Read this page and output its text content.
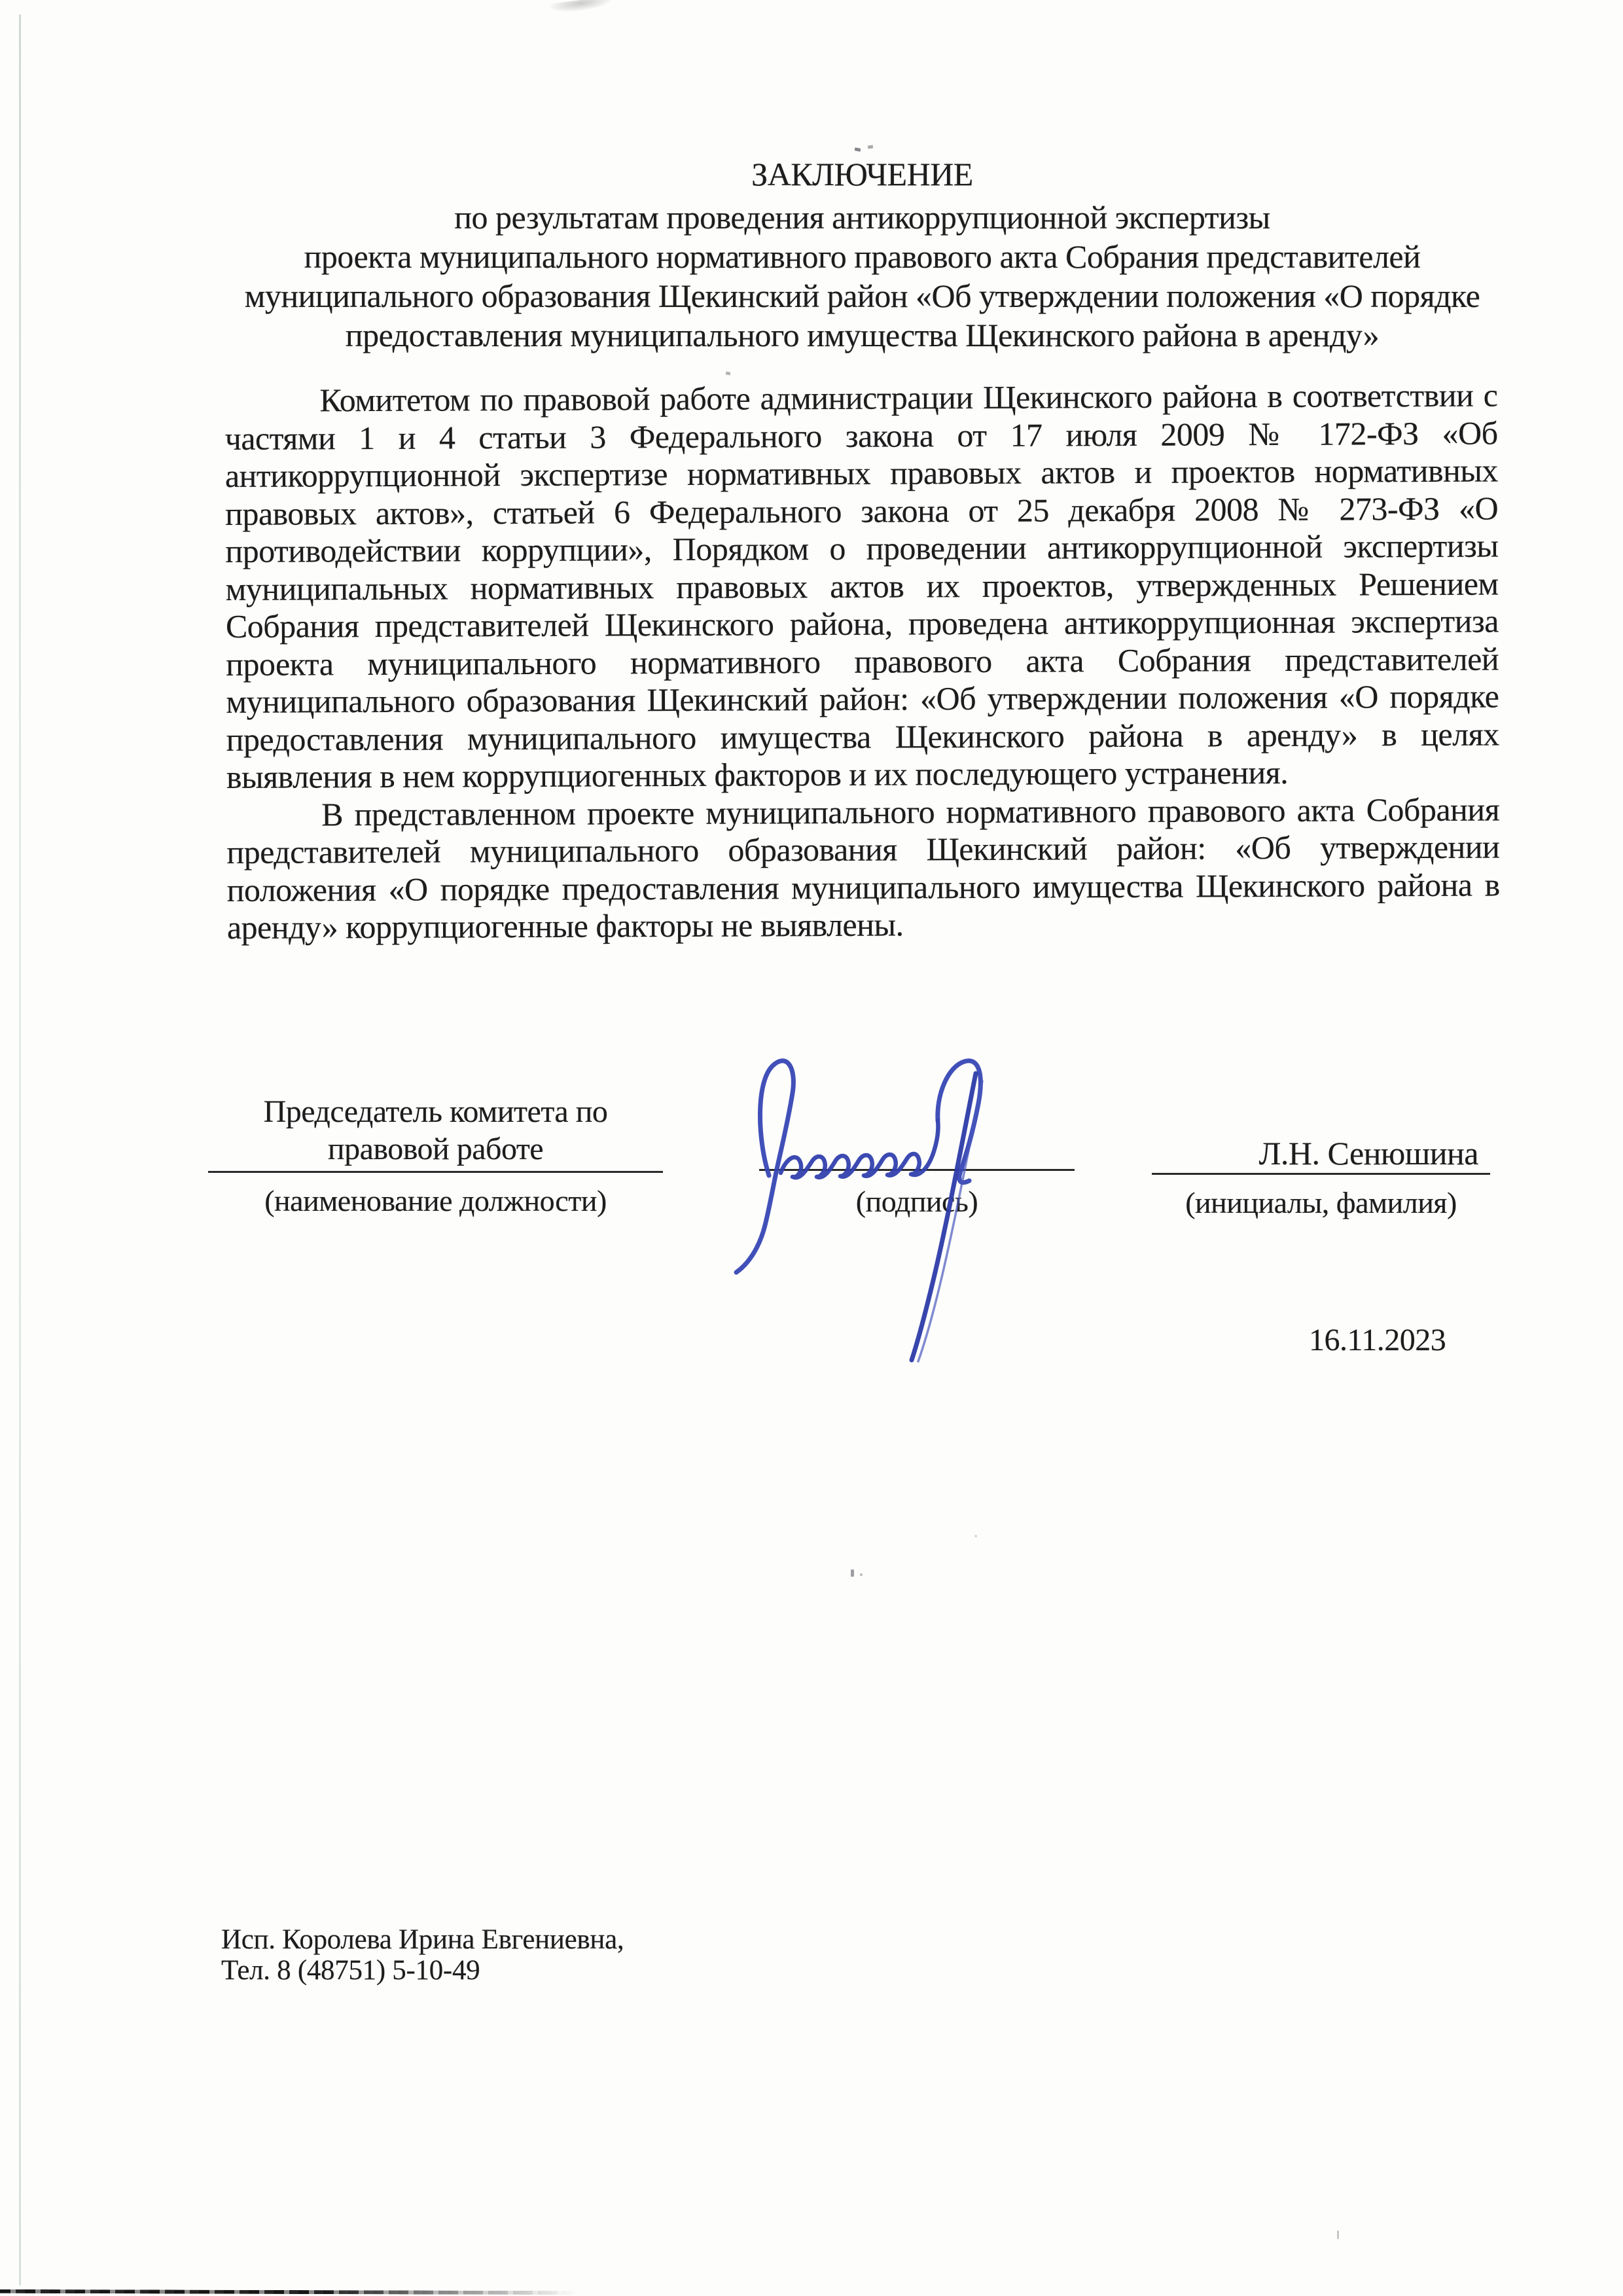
ЗАКЛЮЧЕНИЕ
по результатам проведения антикоррупционной экспертизы
проекта муниципального нормативного правового акта Собрания представителей
муниципального образования Щекинский район «Об утверждении положения «О порядке
предоставления муниципального имущества Щекинского района в аренду»

Комитетом по правовой работе администрации Щекинского района в соответствии с частями 1 и 4 статьи 3 Федерального закона от 17 июля 2009 № 172-ФЗ «Об антикоррупционной экспертизе нормативных правовых актов и проектов нормативных правовых актов», статьей 6 Федерального закона от 25 декабря 2008 № 273-ФЗ «О противодействии коррупции», Порядком о проведении антикоррупционной экспертизы муниципальных нормативных правовых актов их проектов, утвержденных Решением Собрания представителей Щекинского района, проведена антикоррупционная экспертиза проекта муниципального нормативного правового акта Собрания представителей муниципального образования Щекинский район: «Об утверждении положения «О порядке предоставления муниципального имущества Щекинского района в аренду» в целях выявления в нем коррупциогенных факторов и их последующего устранения.

В представленном проекте муниципального нормативного правового акта Собрания представителей муниципального образования Щекинский район: «Об утверждении положения «О порядке предоставления муниципального имущества Щекинского района в аренду» коррупциогенные факторы не выявлены.

Председатель комитета по
правовой работе
(наименование должности)	(подпись)
Л.Н. Сенюшина
(инициалы, фамилия)
16.11.2023
Исп. Королева Ирина Евгениевна,
Тел. 8 (48751) 5-10-49
